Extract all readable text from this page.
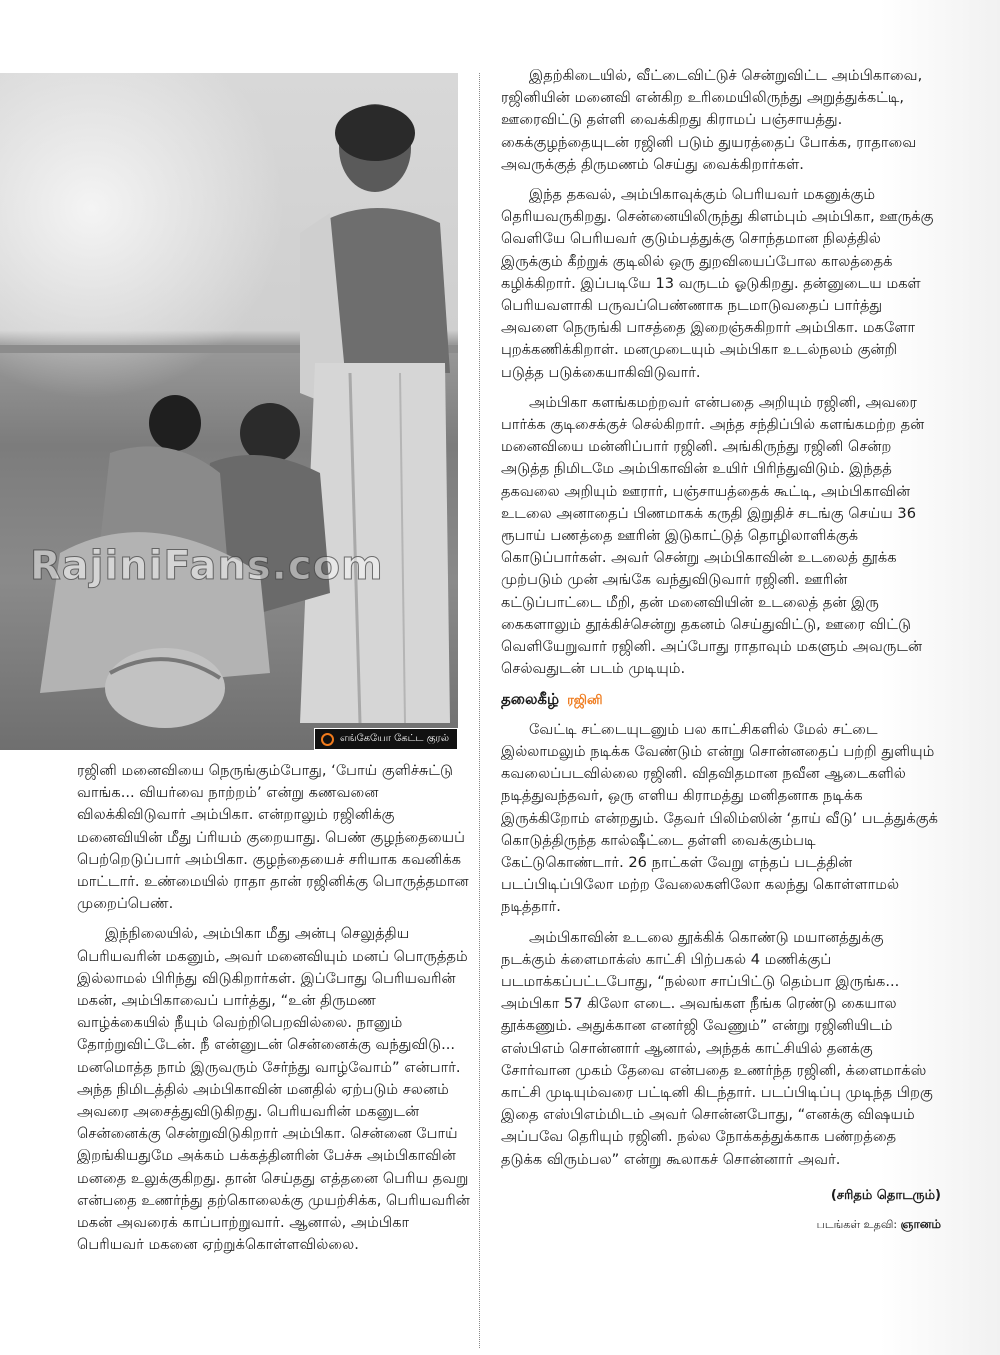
RajiniFans.com
எங்கேயோ கேட்ட குரல்

ரஜினி மனைவியை நெருங்கும்போது, ‘போய் குளிச்சுட்டு வாங்க... வியர்வை நாற்றம்’ என்று கணவனை விலக்கிவிடுவார் அம்பிகா. என்றாலும் ரஜினிக்கு மனைவியின் மீது ப்ரியம் குறையாது. பெண் குழந்தையைப் பெற்றெடுப்பார் அம்பிகா. குழந்தையைச் சரியாக கவனிக்க மாட்டார். உண்மையில் ராதா தான் ரஜினிக்கு பொருத்தமான முறைப்பெண்.

இந்நிலையில், அம்பிகா மீது அன்பு செலுத்திய பெரியவரின் மகனும், அவர் மனைவியும் மனப் பொருத்தம் இல்லாமல் பிரிந்து விடுகிறார்கள். இப்போது பெரியவரின் மகன், அம்பிகாவைப் பார்த்து, “உன் திருமண வாழ்க்கையில் நீயும் வெற்றிபெறவில்லை. நானும் தோற்றுவிட்டேன். நீ என்னுடன் சென்னைக்கு வந்துவிடு... மனமொத்த நாம் இருவரும் சேர்ந்து வாழ்வோம்” என்பார். அந்த நிமிடத்தில் அம்பிகாவின் மனதில் ஏற்படும் சலனம் அவரை அசைத்துவிடுகிறது. பெரியவரின் மகனுடன் சென்னைக்கு சென்றுவிடுகிறார் அம்பிகா. சென்னை போய் இறங்கியதுமே அக்கம் பக்கத்தினரின் பேச்சு அம்பிகாவின் மனதை உலுக்குகிறது. தான் செய்தது எத்தனை பெரிய தவறு என்பதை உணர்ந்து தற்கொலைக்கு முயற்சிக்க, பெரியவரின் மகன் அவரைக் காப்பாற்றுவார். ஆனால், அம்பிகா பெரியவர் மகனை ஏற்றுக்கொள்ளவில்லை.

இதற்கிடையில், வீட்டைவிட்டுச் சென்றுவிட்ட அம்பிகாவை, ரஜினியின் மனைவி என்கிற உரிமையிலிருந்து அறுத்துக்கட்டி, ஊரைவிட்டு தள்ளி வைக்கிறது கிராமப் பஞ்சாயத்து. கைக்குழந்தையுடன் ரஜினி படும் துயரத்தைப் போக்க, ராதாவை அவருக்குத் திருமணம் செய்து வைக்கிறார்கள்.

இந்த தகவல், அம்பிகாவுக்கும் பெரியவர் மகனுக்கும் தெரியவருகிறது. சென்னையிலிருந்து கிளம்பும் அம்பிகா, ஊருக்கு வெளியே பெரியவர் குடும்பத்துக்கு சொந்தமான நிலத்தில் இருக்கும் கீற்றுக் குடிலில் ஒரு துறவியைப்போல காலத்தைக் கழிக்கிறார். இப்படியே 13 வருடம் ஓடுகிறது. தன்னுடைய மகள் பெரியவளாகி பருவப்பெண்ணாக நடமாடுவதைப் பார்த்து அவளை நெருங்கி பாசத்தை இறைஞ்சுகிறார் அம்பிகா. மகளோ புறக்கணிக்கிறாள். மனமுடையும் அம்பிகா உடல்நலம் குன்றி படுத்த படுக்கையாகிவிடுவார்.

அம்பிகா களங்கமற்றவர் என்பதை அறியும் ரஜினி, அவரை பார்க்க குடிசைக்குச் செல்கிறார். அந்த சந்திப்பில் களங்கமற்ற தன் மனைவியை மன்னிப்பார் ரஜினி. அங்கிருந்து ரஜினி சென்ற அடுத்த நிமிடமே அம்பிகாவின் உயிர் பிரிந்துவிடும். இந்தத் தகவலை அறியும் ஊரார், பஞ்சாயத்தைக் கூட்டி, அம்பிகாவின் உடலை அனாதைப் பிணமாகக் கருதி இறுதிச் சடங்கு செய்ய 36 ரூபாய் பணத்தை ஊரின் இடுகாட்டுத் தொழிலாளிக்குக் கொடுப்பார்கள். அவர் சென்று அம்பிகாவின் உடலைத் தூக்க முற்படும் முன் அங்கே வந்துவிடுவார் ரஜினி. ஊரின் கட்டுப்பாட்டை மீறி, தன் மனைவியின் உடலைத் தன் இரு கைகளாலும் தூக்கிச்சென்று தகனம் செய்துவிட்டு, ஊரை விட்டு வெளியேறுவார் ரஜினி. அப்போது ராதாவும் மகளும் அவருடன் செல்வதுடன் படம் முடியும்.

தலைகீழ் ரஜினி

வேட்டி சட்டையுடனும் பல காட்சிகளில் மேல் சட்டை இல்லாமலும் நடிக்க வேண்டும் என்று சொன்னதைப் பற்றி துளியும் கவலைப்படவில்லை ரஜினி. விதவிதமான நவீன ஆடைகளில் நடித்துவந்தவர், ஒரு எளிய கிராமத்து மனிதனாக நடிக்க இருக்கிறோம் என்றதும். தேவர் பிலிம்ஸின் ‘தாய் வீடு’ படத்துக்குக் கொடுத்திருந்த கால்ஷீட்டை தள்ளி வைக்கும்படி கேட்டுகொண்டார். 26 நாட்கள் வேறு எந்தப் படத்தின் படப்பிடிப்பிலோ மற்ற வேலைகளிலோ கலந்து கொள்ளாமல் நடித்தார்.

அம்பிகாவின் உடலை தூக்கிக் கொண்டு மயானத்துக்கு நடக்கும் க்ளைமாக்ஸ் காட்சி பிற்பகல் 4 மணிக்குப் படமாக்கப்பட்டபோது, “நல்லா சாப்பிட்டு தெம்பா இருங்க... அம்பிகா 57 கிலோ எடை. அவங்கள நீங்க ரெண்டு கையால தூக்கணும். அதுக்கான எனர்ஜி வேணும்” என்று ரஜினியிடம் எஸ்பிஎம் சொன்னார் ஆனால், அந்தக் காட்சியில் தனக்கு சோர்வான முகம் தேவை என்பதை உணர்ந்த ரஜினி, க்ளைமாக்ஸ் காட்சி முடியும்வரை பட்டினி கிடந்தார். படப்பிடிப்பு முடிந்த பிறகு இதை எஸ்பிஎம்மிடம் அவர் சொன்னபோது, “எனக்கு விஷயம் அப்பவே தெரியும் ரஜினி. நல்ல நோக்கத்துக்காக பண்றத்தை தடுக்க விரும்பல” என்று கூலாகச் சொன்னார் அவர்.

(சரிதம் தொடரும்)
படங்கள் உதவி: ஞானம்
